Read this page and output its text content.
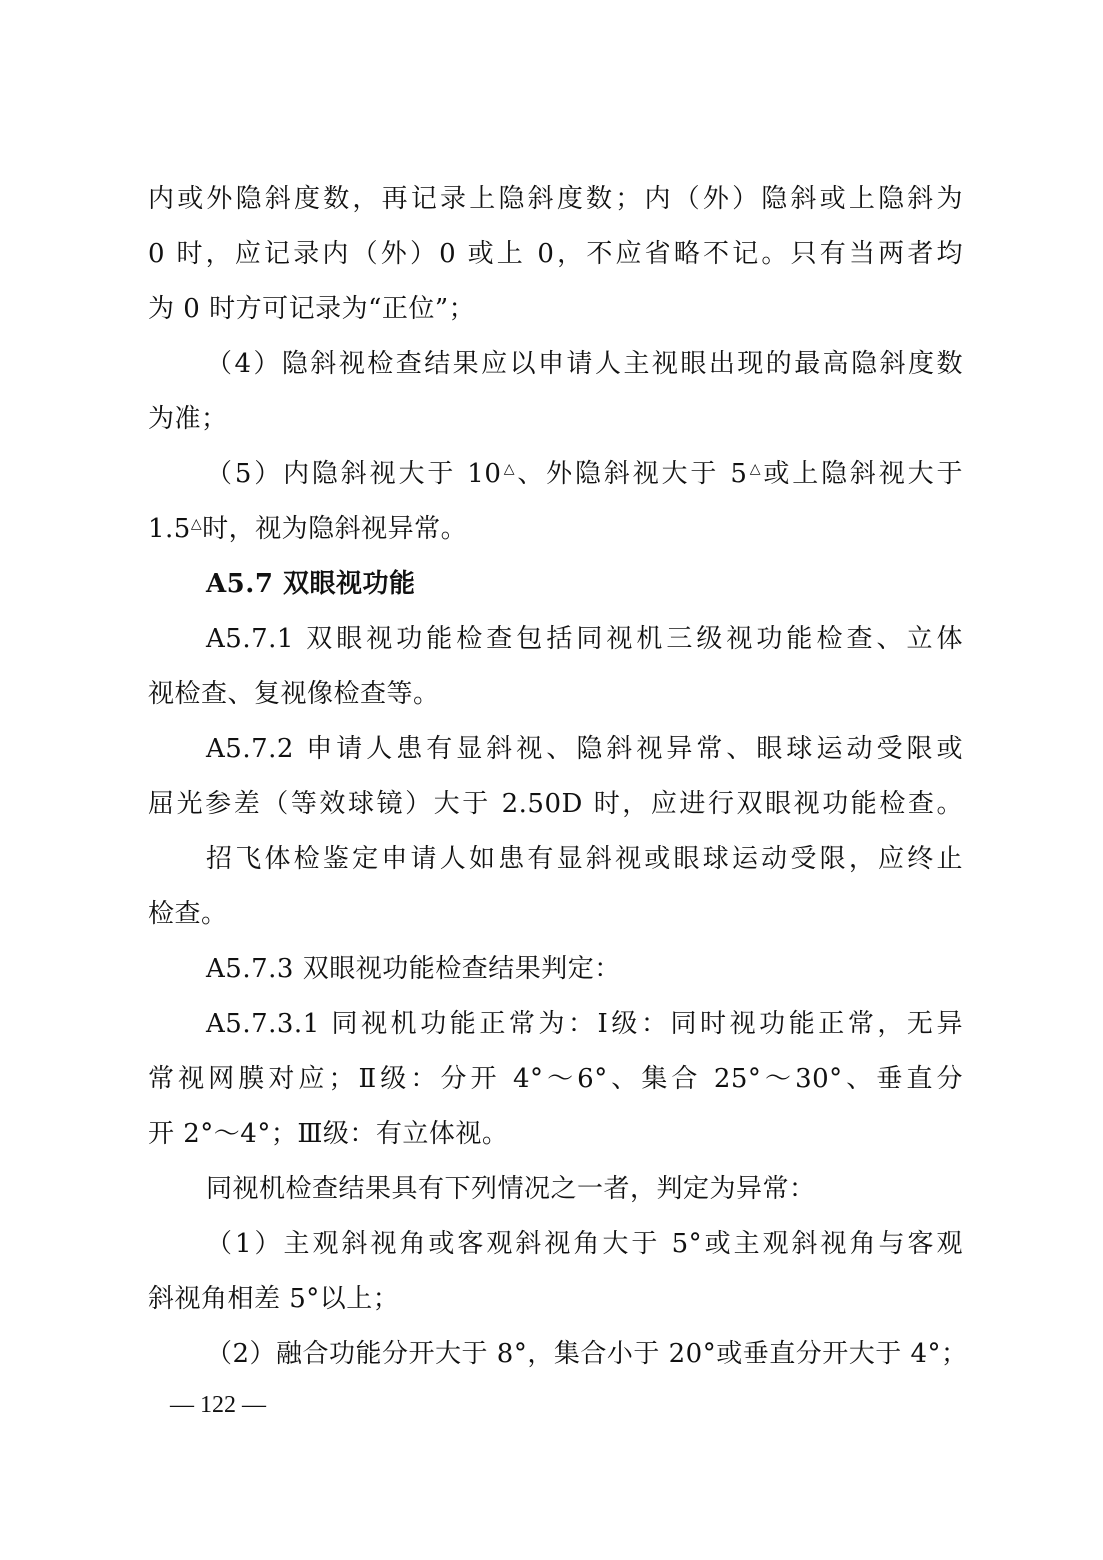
内或外隐斜度数，再记录上隐斜度数；内（外）隐斜或上隐斜为
0 时，应记录内（外）0 或上 0，不应省略不记。只有当两者均
为 0 时方可记录为“正位”；
（4）隐斜视检查结果应以申请人主视眼出现的最高隐斜度数
为准；
（5）内隐斜视大于 10△、外隐斜视大于 5△或上隐斜视大于
1.5△时，视为隐斜视异常。
A5.7 双眼视功能
A5.7.1 双眼视功能检查包括同视机三级视功能检查、立体
视检查、复视像检查等。
A5.7.2 申请人患有显斜视、隐斜视异常、眼球运动受限或
屈光参差（等效球镜）大于 2.50D 时，应进行双眼视功能检查。
招飞体检鉴定申请人如患有显斜视或眼球运动受限，应终止
检查。
A5.7.3 双眼视功能检查结果判定：
A5.7.3.1 同视机功能正常为：Ⅰ级：同时视功能正常，无异
常视网膜对应；Ⅱ级：分开 4°～6°、集合 25°～30°、垂直分
开 2°～4°；Ⅲ级：有立体视。
同视机检查结果具有下列情况之一者，判定为异常：
（1）主观斜视角或客观斜视角大于 5°或主观斜视角与客观
斜视角相差 5°以上；
（2）融合功能分开大于 8°，集合小于 20°或垂直分开大于 4°；
— 122 —
